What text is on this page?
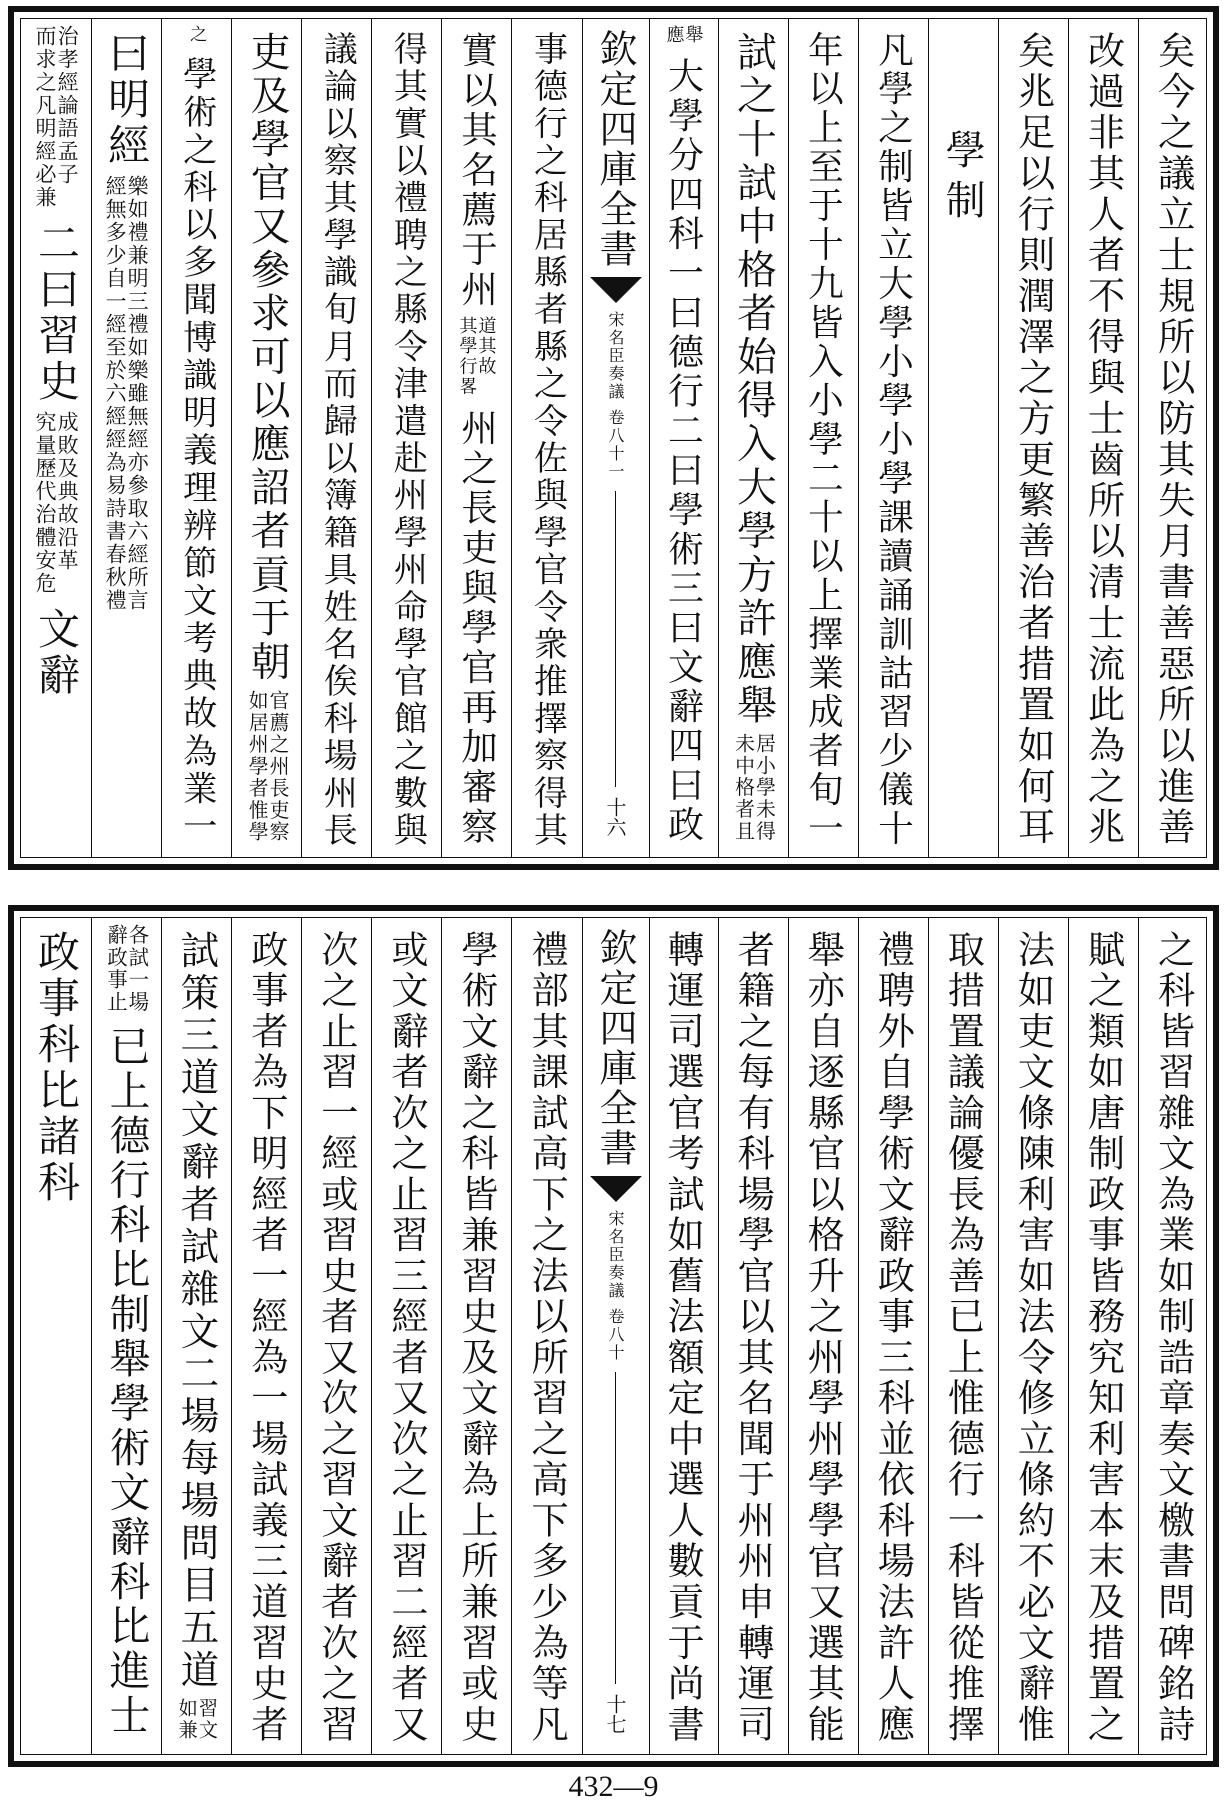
矣今之議立士規所以防其失月書善惡所以進善
改過非其人者不得與士齒所以清士流此為之兆
矣兆足以行則潤澤之方更繁善治者措置如何耳
學制
凡學之制皆立大學小學小學課讀誦訓詁習少儀十
年以上至于十九皆入小學二十以上擇業成者旬一
試之十試中格者始得入大學方許應舉
居小學未得
未中格者且
舉
應
大學分四科一曰德行二曰學術三曰文辭四曰政
事德行之科居縣者縣之令佐與學官令衆推擇察得其
實以其名薦于州
道其故
其學行畧
州之長吏與學官再加審察
得其實以禮聘之縣令津遣赴州學州命學官館之數與
議論以察其學識旬月而歸以簿籍具姓名俟科場州長
吏及學官又參求可以應詔者貢于朝
官薦之州長吏察
如居州學者惟學
之
學術之科以多聞博識明義理辨節文考典故為業一
曰明經
樂如禮兼明三禮如樂雖無經亦參取六經所言
經無多少自一經至於六經經為易詩書春秋禮
治孝經論語孟子
而求之凡明經必兼
二曰習史
成敗及典故沿革
究量歷代治體安危
文辭
欽定四庫全書
宋名臣奏議
卷八十一
十六
之科皆習雜文為業如制誥章奏文檄書問碑銘詩
賦之類如唐制政事皆務究知利害本末及措置之
法如吏文條陳利害如法令修立條約不必文辭惟
取措置議論優長為善已上惟德行一科皆從推擇
禮聘外自學術文辭政事三科並依科場法許人應
舉亦自逐縣官以格升之州學州學學官又選其能
者籍之每有科場學官以其名聞于州州申轉運司
轉運司選官考試如舊法額定中選人數貢于尚書
禮部其課試高下之法以所習之高下多少為等凡
學術文辭之科皆兼習史及文辭為上所兼習或史
或文辭者次之止習三經者又次之止習二經者又
次之止習一經或習史者又次之習文辭者次之習
政事者為下明經者一經為一場試義三道習史者
試策三道文辭者試雜文二場每場問目五道
習文
如兼
各試一場
辭政事止
已上德行科比制舉學術文辭科比進士
政事科比諸科	欽定四庫全書
宋名臣奏議
卷八十
十七
432—9
